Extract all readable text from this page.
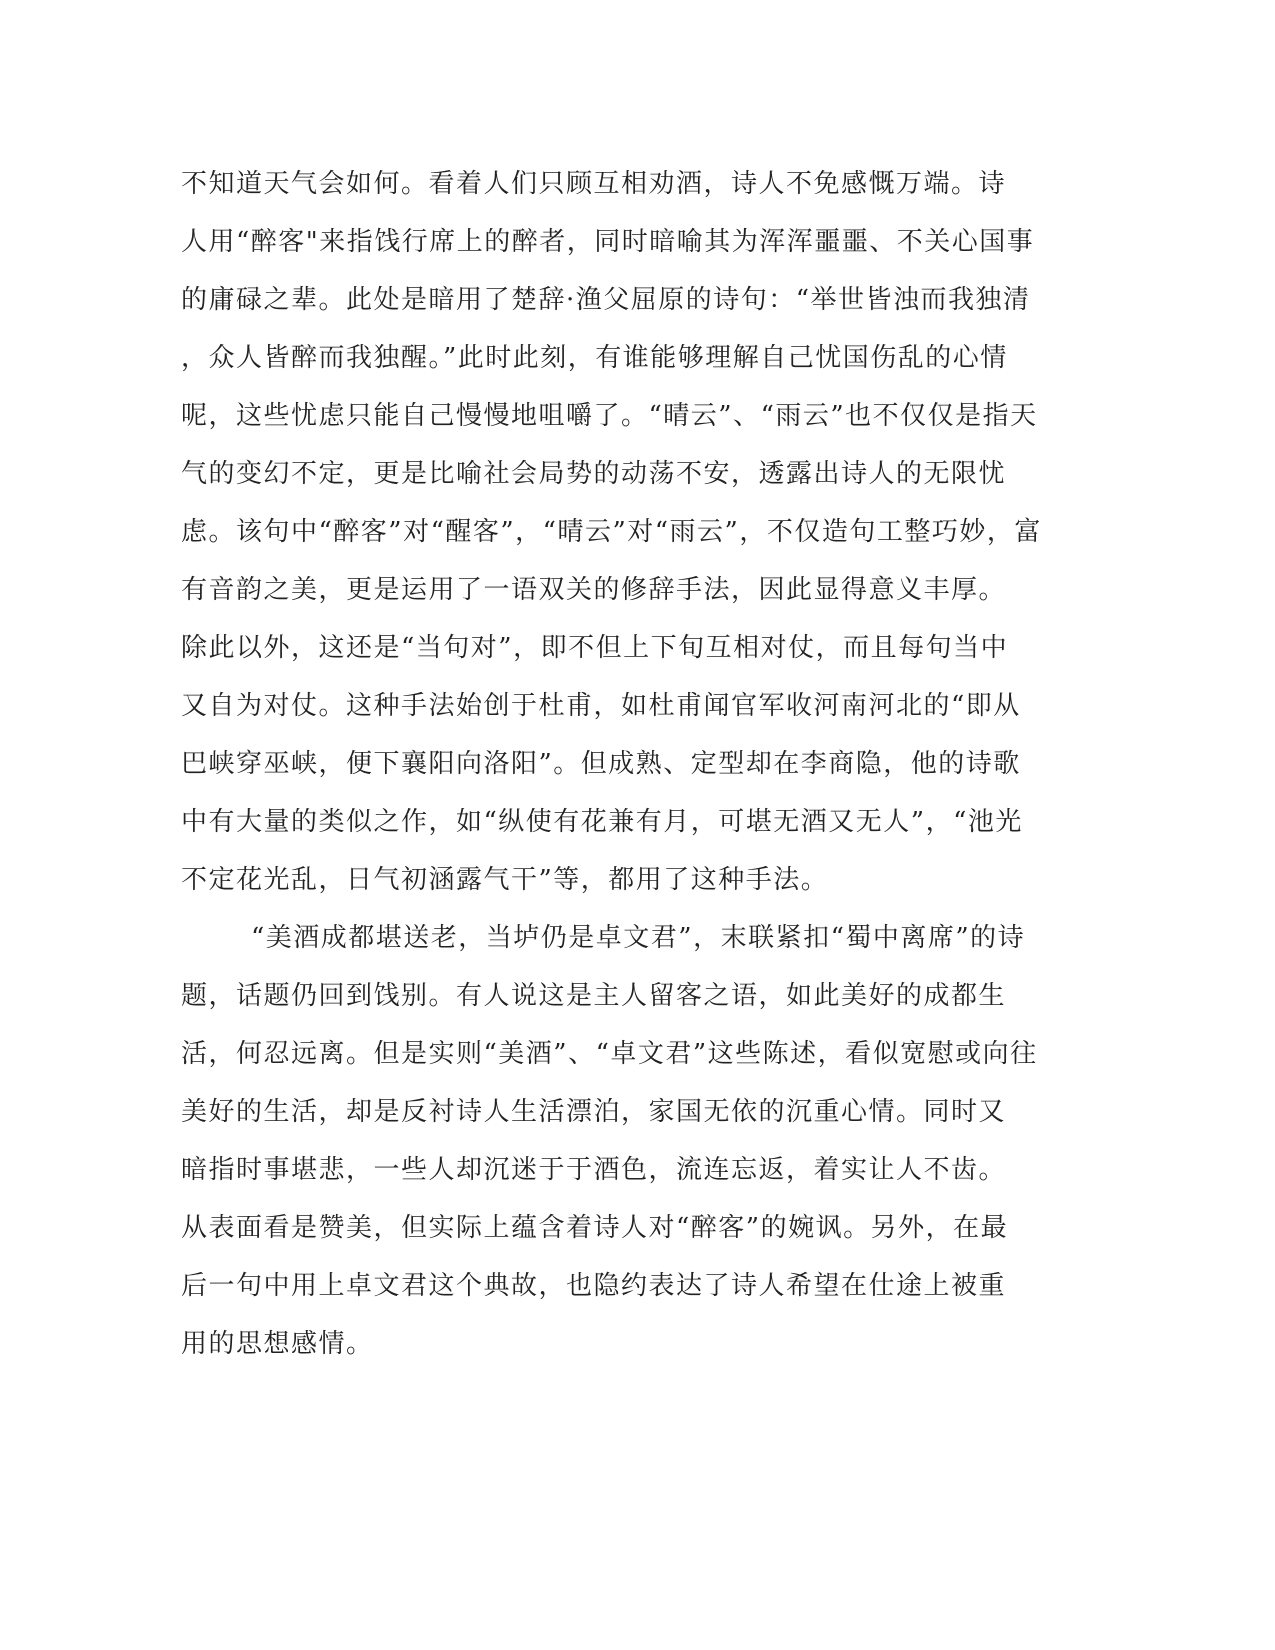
不知道天气会如何。看着人们只顾互相劝酒，诗人不免感慨万端。诗
人用“醉客"来指饯行席上的醉者，同时暗喻其为浑浑噩噩、不关心国事
的庸碌之辈。此处是暗用了楚辞·渔父屈原的诗句：“举世皆浊而我独清
，众人皆醉而我独醒。”此时此刻，有谁能够理解自己忧国伤乱的心情
呢，这些忧虑只能自己慢慢地咀嚼了。“晴云”、“雨云”也不仅仅是指天
气的变幻不定，更是比喻社会局势的动荡不安，透露出诗人的无限忧
虑。该句中“醉客”对“醒客”，“晴云”对“雨云”，不仅造句工整巧妙，富
有音韵之美，更是运用了一语双关的修辞手法，因此显得意义丰厚。
除此以外，这还是“当句对”，即不但上下旬互相对仗，而且每句当中
又自为对仗。这种手法始创于杜甫，如杜甫闻官军收河南河北的“即从
巴峡穿巫峡，便下襄阳向洛阳”。但成熟、定型却在李商隐，他的诗歌
中有大量的类似之作，如“纵使有花兼有月，可堪无酒又无人”，“池光
不定花光乱，日气初涵露气干”等，都用了这种手法。
“美酒成都堪送老，当垆仍是卓文君”，末联紧扣“蜀中离席”的诗
题，话题仍回到饯别。有人说这是主人留客之语，如此美好的成都生
活，何忍远离。但是实则“美酒”、“卓文君”这些陈述，看似宽慰或向往
美好的生活，却是反衬诗人生活漂泊，家国无依的沉重心情。同时又
暗指时事堪悲，一些人却沉迷于于酒色，流连忘返，着实让人不齿。
从表面看是赞美，但实际上蕴含着诗人对“醉客”的婉讽。另外，在最
后一句中用上卓文君这个典故，也隐约表达了诗人希望在仕途上被重
用的思想感情。
